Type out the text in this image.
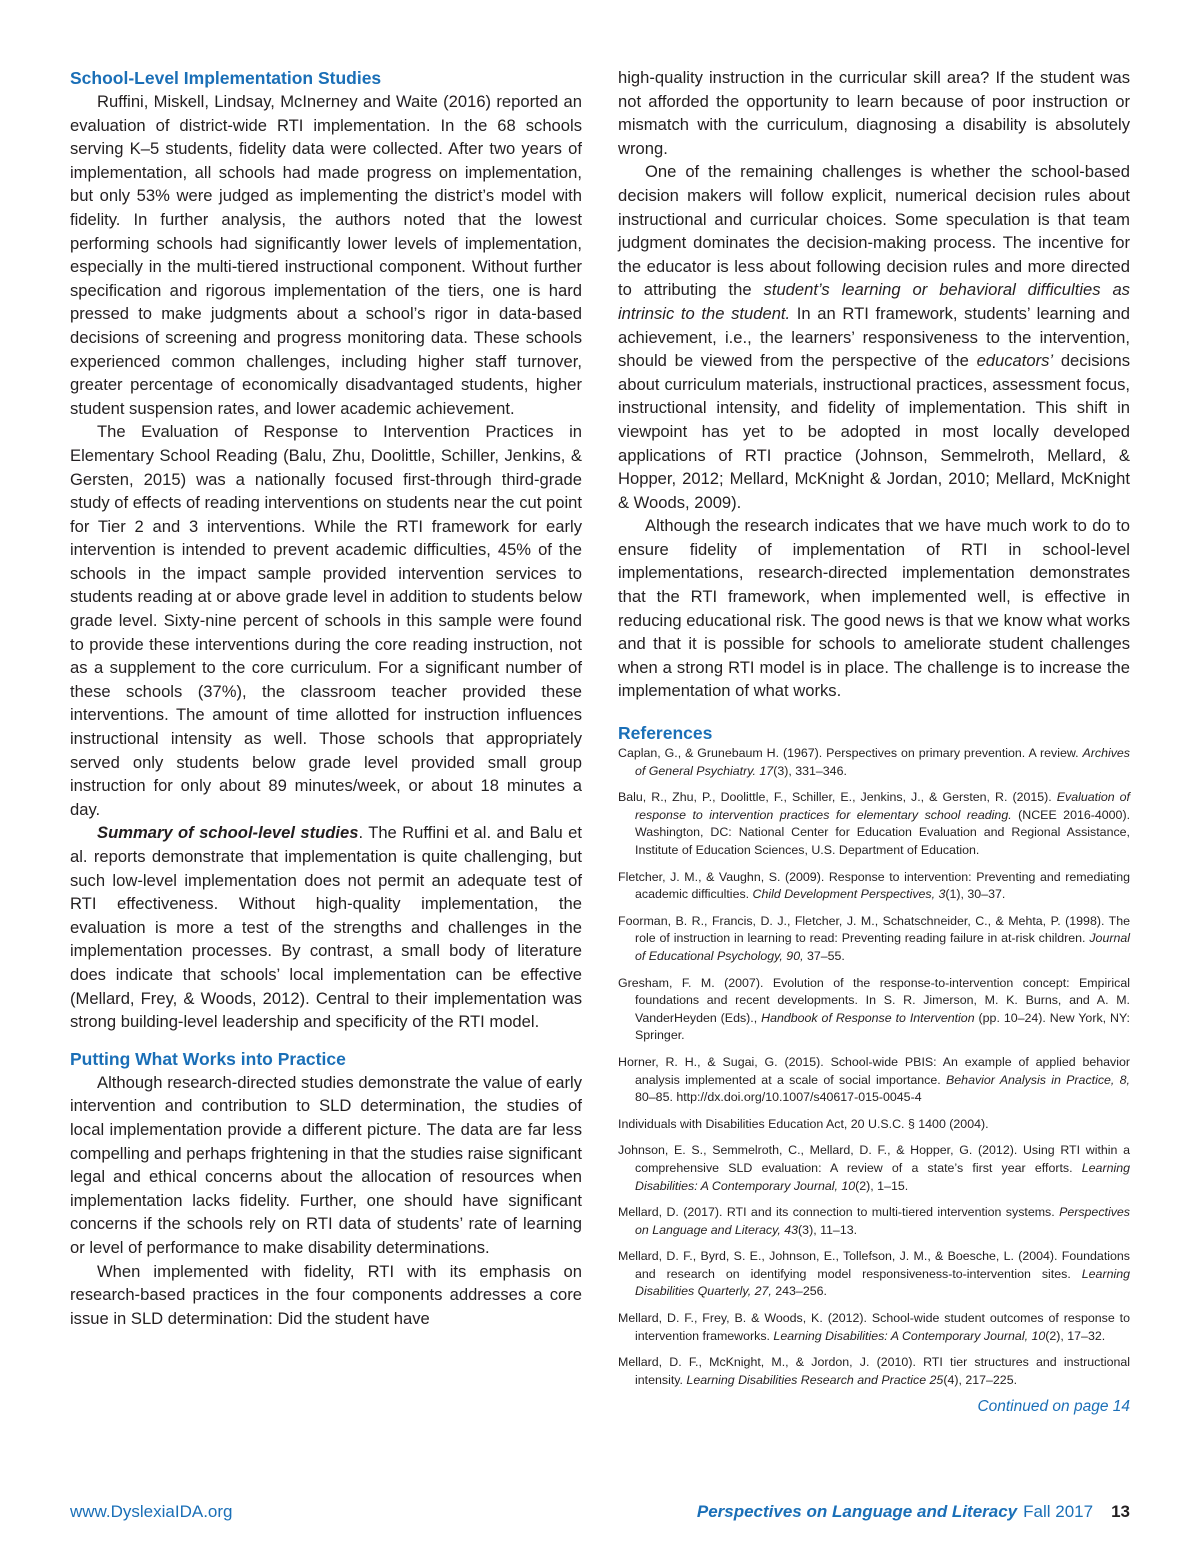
School-Level Implementation Studies

Ruffini, Miskell, Lindsay, McInerney and Waite (2016) reported an evaluation of district-wide RTI implementation. In the 68 schools serving K–5 students, fidelity data were collected. After two years of implementation, all schools had made progress on implementation, but only 53% were judged as implementing the district’s model with fidelity. In further analysis, the authors noted that the lowest performing schools had significantly lower levels of implementation, especially in the multi-tiered instructional component. Without further specification and rigorous implementation of the tiers, one is hard pressed to make judgments about a school’s rigor in data-based decisions of screening and progress monitoring data. These schools experienced common challenges, including higher staff turnover, greater percentage of economically disadvantaged students, higher student suspension rates, and lower academic achievement.

The Evaluation of Response to Intervention Practices in Elementary School Reading (Balu, Zhu, Doolittle, Schiller, Jenkins, & Gersten, 2015) was a nationally focused first-through third-grade study of effects of reading interventions on students near the cut point for Tier 2 and 3 interventions. While the RTI framework for early intervention is intended to prevent academic difficulties, 45% of the schools in the impact sample provided intervention services to students reading at or above grade level in addition to students below grade level. Sixty-nine percent of schools in this sample were found to provide these interventions during the core reading instruction, not as a supplement to the core curriculum. For a significant number of these schools (37%), the classroom teacher provided these interventions. The amount of time allotted for instruction influences instructional intensity as well. Those schools that appropriately served only students below grade level provided small group instruction for only about 89 minutes/week, or about 18 minutes a day.

Summary of school-level studies. The Ruffini et al. and Balu et al. reports demonstrate that implementation is quite challenging, but such low-level implementation does not permit an adequate test of RTI effectiveness. Without high-quality implementation, the evaluation is more a test of the strengths and challenges in the implementation processes. By contrast, a small body of literature does indicate that schools’ local implementation can be effective (Mellard, Frey, & Woods, 2012). Central to their implementation was strong building-level leadership and specificity of the RTI model.

Putting What Works into Practice

Although research-directed studies demonstrate the value of early intervention and contribution to SLD determination, the studies of local implementation provide a different picture. The data are far less compelling and perhaps frightening in that the studies raise significant legal and ethical concerns about the allocation of resources when implementation lacks fidelity. Further, one should have significant concerns if the schools rely on RTI data of students’ rate of learning or level of performance to make disability determinations.

When implemented with fidelity, RTI with its emphasis on research-based practices in the four components addresses a core issue in SLD determination: Did the student have

high-quality instruction in the curricular skill area? If the student was not afforded the opportunity to learn because of poor instruction or mismatch with the curriculum, diagnosing a disability is absolutely wrong.

One of the remaining challenges is whether the school-based decision makers will follow explicit, numerical decision rules about instructional and curricular choices. Some speculation is that team judgment dominates the decision-making process. The incentive for the educator is less about following decision rules and more directed to attributing the student’s learning or behavioral difficulties as intrinsic to the student. In an RTI framework, students’ learning and achievement, i.e., the learners’ responsiveness to the intervention, should be viewed from the perspective of the educators’ decisions about curriculum materials, instructional practices, assessment focus, instructional intensity, and fidelity of implementation. This shift in viewpoint has yet to be adopted in most locally developed applications of RTI practice (Johnson, Semmelroth, Mellard, & Hopper, 2012; Mellard, McKnight & Jordan, 2010; Mellard, McKnight & Woods, 2009).

Although the research indicates that we have much work to do to ensure fidelity of implementation of RTI in school-level implementations, research-directed implementation demonstrates that the RTI framework, when implemented well, is effective in reducing educational risk. The good news is that we know what works and that it is possible for schools to ameliorate student challenges when a strong RTI model is in place. The challenge is to increase the implementation of what works.

References

Caplan, G., & Grunebaum H. (1967). Perspectives on primary prevention. A review. Archives of General Psychiatry. 17(3), 331–346.

Balu, R., Zhu, P., Doolittle, F., Schiller, E., Jenkins, J., & Gersten, R. (2015). Evaluation of response to intervention practices for elementary school reading. (NCEE 2016-4000). Washington, DC: National Center for Education Evaluation and Regional Assistance, Institute of Education Sciences, U.S. Department of Education.

Fletcher, J. M., & Vaughn, S. (2009). Response to intervention: Preventing and remediating academic difficulties. Child Development Perspectives, 3(1), 30–37.

Foorman, B. R., Francis, D. J., Fletcher, J. M., Schatschneider, C., & Mehta, P. (1998). The role of instruction in learning to read: Preventing reading failure in at-risk children. Journal of Educational Psychology, 90, 37–55.

Gresham, F. M. (2007). Evolution of the response-to-intervention concept: Empirical foundations and recent developments. In S. R. Jimerson, M. K. Burns, and A. M. VanderHeyden (Eds)., Handbook of Response to Intervention (pp. 10–24). New York, NY: Springer.

Horner, R. H., & Sugai, G. (2015). School-wide PBIS: An example of applied behavior analysis implemented at a scale of social importance. Behavior Analysis in Practice, 8, 80–85. http://dx.doi.org/10.1007/s40617-015-0045-4

Individuals with Disabilities Education Act, 20 U.S.C. § 1400 (2004).

Johnson, E. S., Semmelroth, C., Mellard, D. F., & Hopper, G. (2012). Using RTI within a comprehensive SLD evaluation: A review of a state’s first year efforts. Learning Disabilities: A Contemporary Journal, 10(2), 1–15.

Mellard, D. (2017). RTI and its connection to multi-tiered intervention systems. Perspectives on Language and Literacy, 43(3), 11–13.

Mellard, D. F., Byrd, S. E., Johnson, E., Tollefson, J. M., & Boesche, L. (2004). Foundations and research on identifying model responsiveness-to-intervention sites. Learning Disabilities Quarterly, 27, 243–256.

Mellard, D. F., Frey, B. & Woods, K. (2012). School-wide student outcomes of response to intervention frameworks. Learning Disabilities: A Contemporary Journal, 10(2), 17–32.

Mellard, D. F., McKnight, M., & Jordon, J. (2010). RTI tier structures and instructional intensity. Learning Disabilities Research and Practice 25(4), 217–225.

Continued on page 14
www.DyslexiaIDA.org	Perspectives on Language and Literacy Fall 2017 13
